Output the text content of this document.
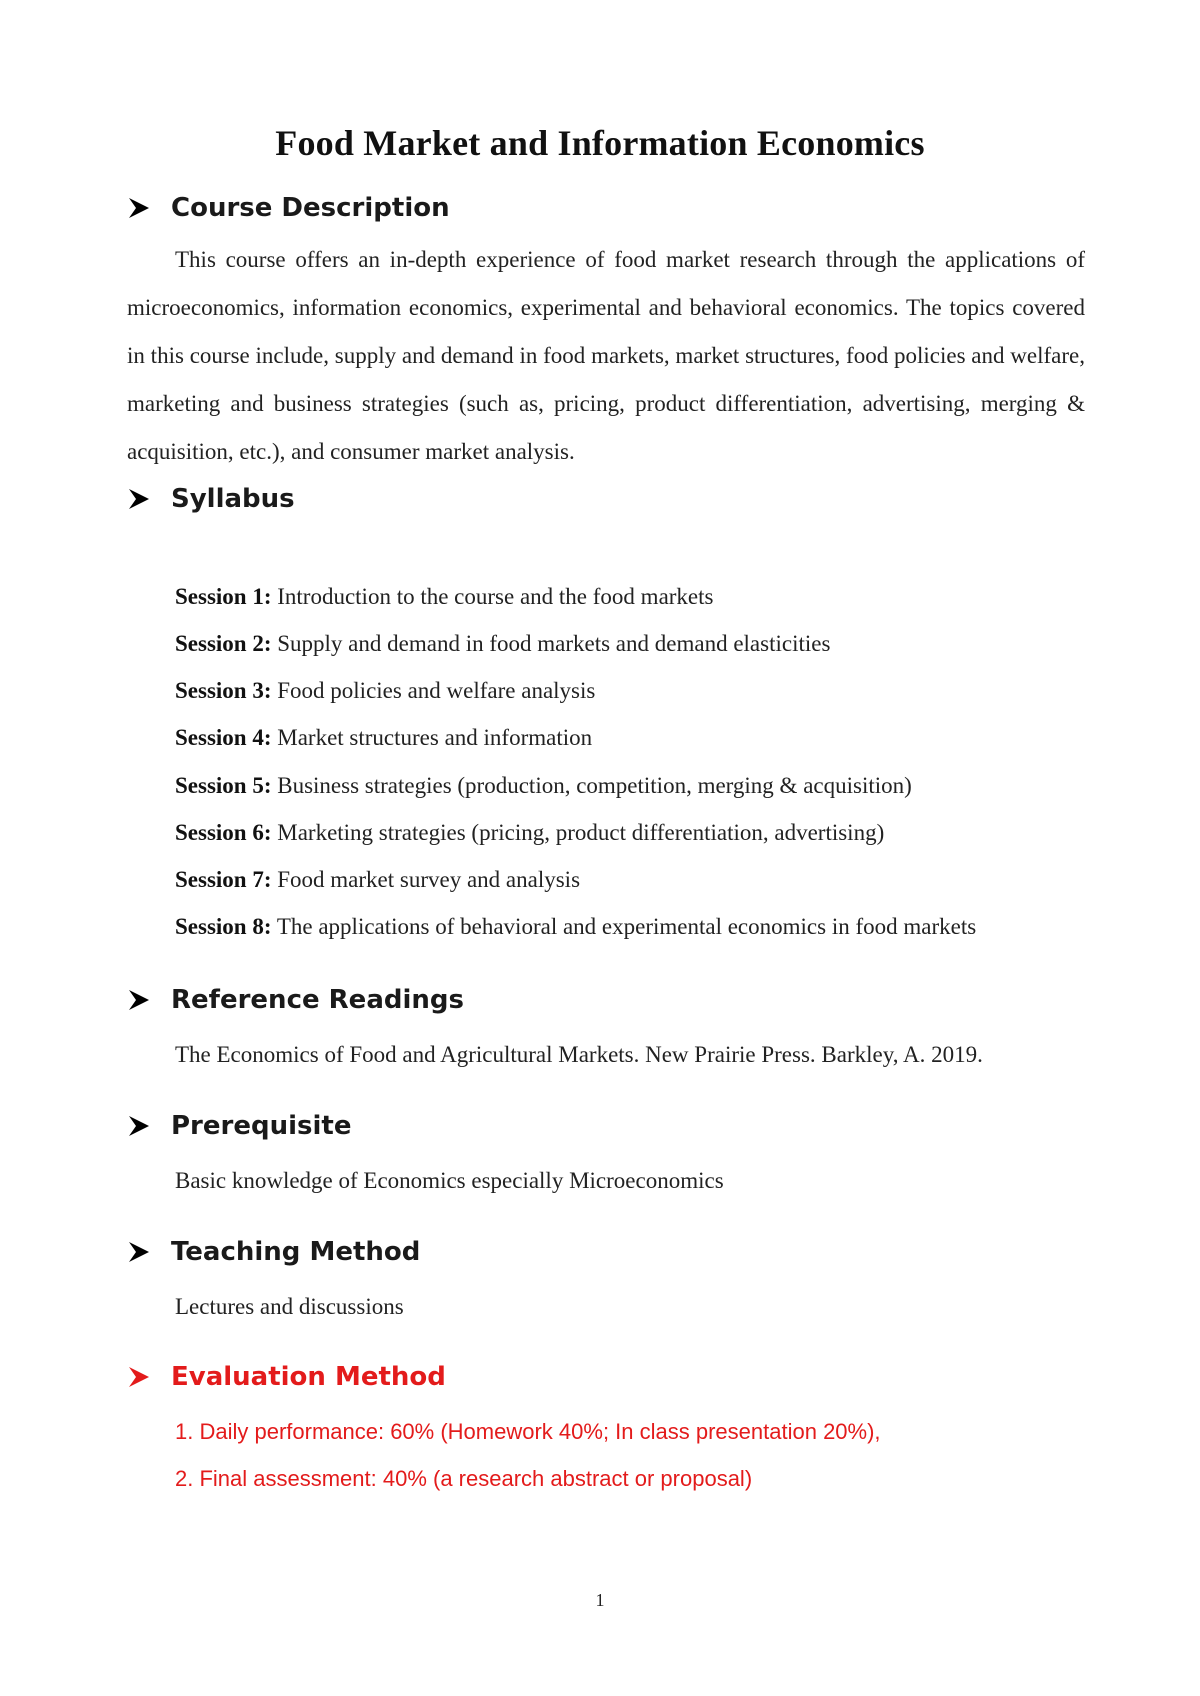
Food Market and Information Economics
Course Description
This course offers an in-depth experience of food market research through the applications of microeconomics, information economics, experimental and behavioral economics. The topics covered in this course include, supply and demand in food markets, market structures, food policies and welfare, marketing and business strategies (such as, pricing, product differentiation, advertising, merging & acquisition, etc.), and consumer market analysis.
Syllabus
Session 1: Introduction to the course and the food markets
Session 2: Supply and demand in food markets and demand elasticities
Session 3: Food policies and welfare analysis
Session 4: Market structures and information
Session 5: Business strategies (production, competition, merging & acquisition)
Session 6: Marketing strategies (pricing, product differentiation, advertising)
Session 7: Food market survey and analysis
Session 8: The applications of behavioral and experimental economics in food markets
Reference Readings
The Economics of Food and Agricultural Markets. New Prairie Press. Barkley, A. 2019.
Prerequisite
Basic knowledge of Economics especially Microeconomics
Teaching Method
Lectures and discussions
Evaluation Method
1. Daily performance: 60% (Homework 40%; In class presentation 20%),
2. Final assessment: 40% (a research abstract or proposal)
1
